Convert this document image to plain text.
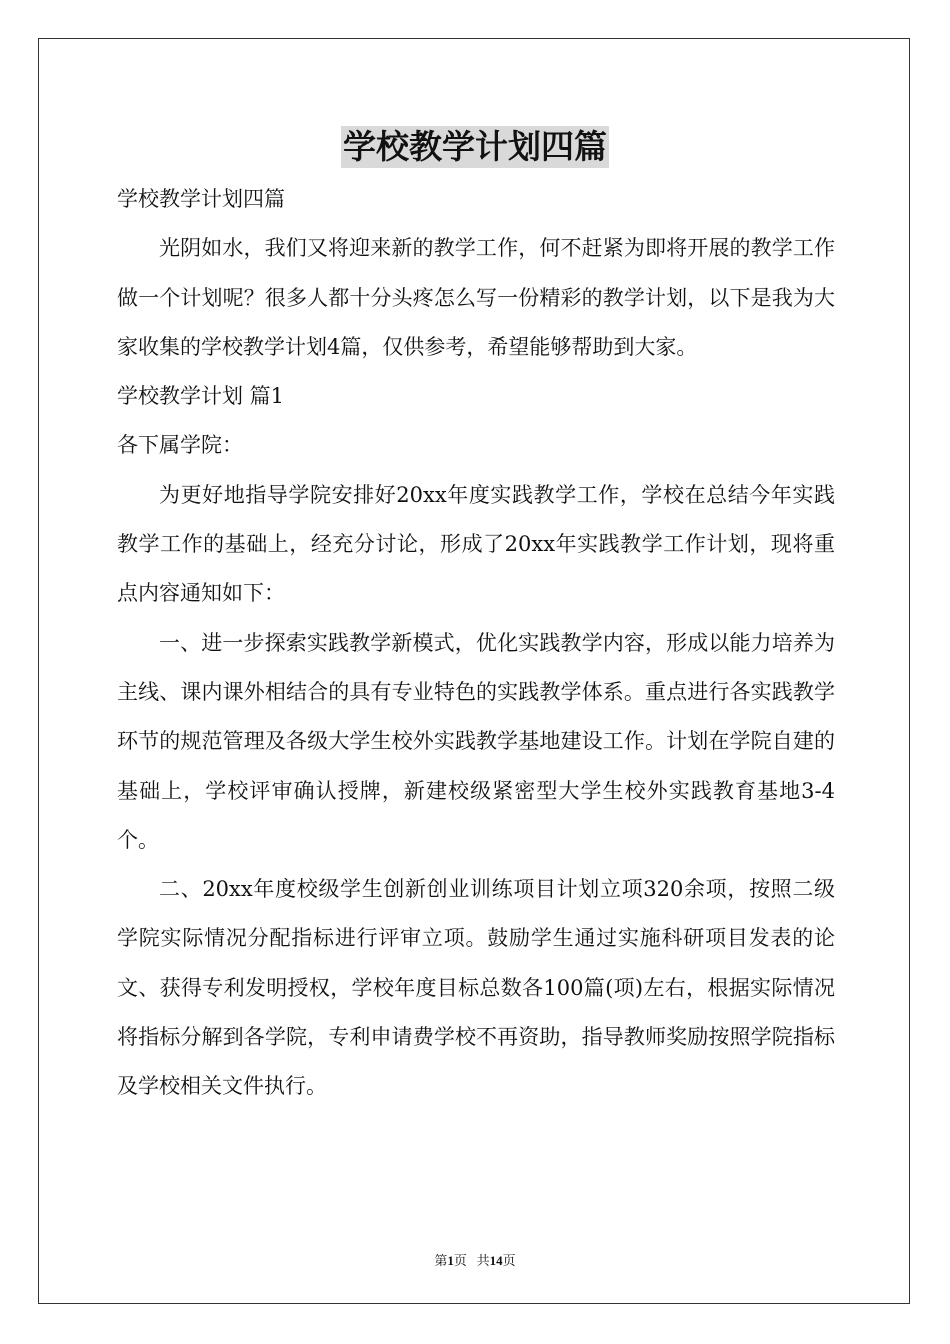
学校教学计划四篇

学校教学计划四篇

光阴如水，我们又将迎来新的教学工作，何不赶紧为即将开展的教学工作做一个计划呢？很多人都十分头疼怎么写一份精彩的教学计划，以下是我为大家收集的学校教学计划4篇，仅供参考，希望能够帮助到大家。

学校教学计划 篇1

各下属学院：

为更好地指导学院安排好20xx年度实践教学工作，学校在总结今年实践教学工作的基础上，经充分讨论，形成了20xx年实践教学工作计划，现将重点内容通知如下：

一、进一步探索实践教学新模式，优化实践教学内容，形成以能力培养为主线、课内课外相结合的具有专业特色的实践教学体系。重点进行各实践教学环节的规范管理及各级大学生校外实践教学基地建设工作。计划在学院自建的基础上，学校评审确认授牌，新建校级紧密型大学生校外实践教育基地3-4个。

二、20xx年度校级学生创新创业训练项目计划立项320余项，按照二级学院实际情况分配指标进行评审立项。鼓励学生通过实施科研项目发表的论文、获得专利发明授权，学校年度目标总数各100篇(项)左右，根据实际情况将指标分解到各学院，专利申请费学校不再资助，指导教师奖励按照学院指标及学校相关文件执行。

第1页 共14页
